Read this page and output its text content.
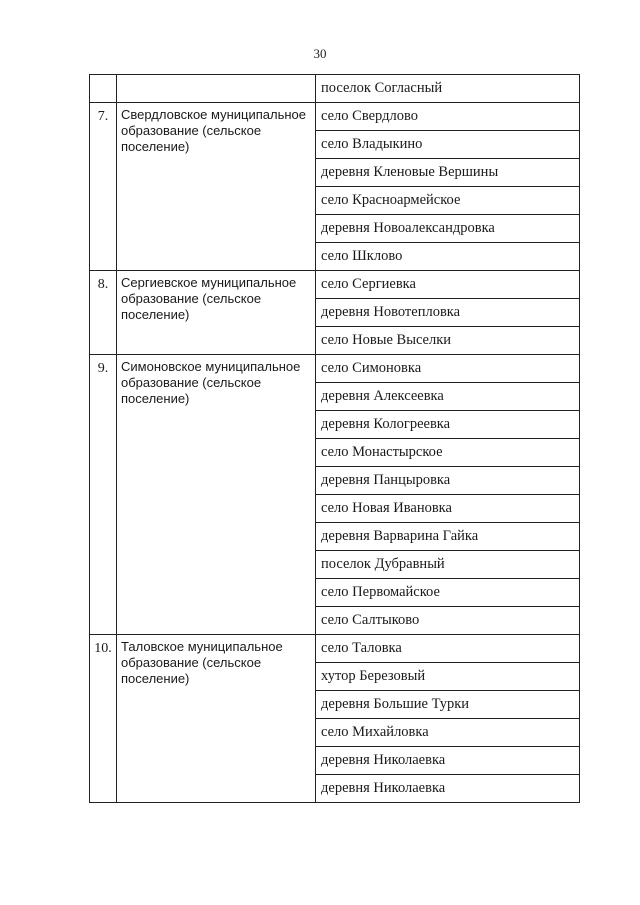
30
		поселок Согласный
7.	Свердловское муниципальное образование (сельское поселение)	село Свердлово
		село Владыкино
		деревня Кленовые Вершины
		село Красноармейское
		деревня Новоалександровка
		село Шклово
8.	Сергиевское муниципальное образование (сельское поселение)	село Сергиевка
		деревня Новотепловка
		село Новые Выселки
9.	Симоновское муниципальное образование (сельское поселение)	село Симоновка
		деревня Алексеевка
		деревня Кологреевка
		село Монастырское
		деревня Панцыровка
		село Новая Ивановка
		деревня Варварина Гайка
		поселок Дубравный
		село Первомайское
		село Салтыково
10.	Таловское муниципальное образование (сельское поселение)	село Таловка
		хутор Березовый
		деревня Большие Турки
		село Михайловка
		деревня Николаевка
		деревня Николаевка
